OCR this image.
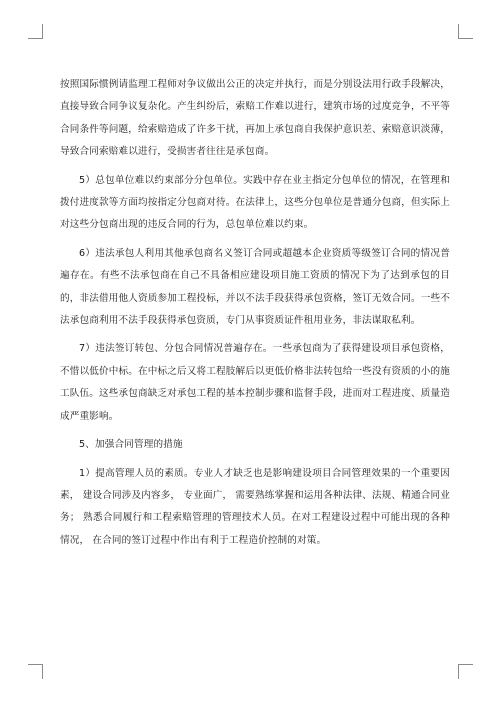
按照国际惯例请监理工程师对争议做出公正的决定并执行，而是分别设法用行政手段解决，直接导致合同争议复杂化。产生纠纷后，索赔工作难以进行，建筑市场的过度竞争，不平等合同条件等问题，给索赔造成了许多干扰，再加上承包商自我保护意识差、索赔意识淡薄，导致合同索赔难以进行，受损害者往往是承包商。

5）总包单位难以约束部分分包单位。实践中存在业主指定分包单位的情况，在管理和拨付进度款等方面均按指定分包商对待。在法律上，这些分包单位是普通分包商，但实际上对这些分包商出现的违反合同的行为，总包单位难以约束。

6）违法承包人利用其他承包商名义签订合同或超越本企业资质等级签订合同的情况普遍存在。有些不法承包商在自己不具备相应建设项目施工资质的情况下为了达到承包的目的，非法借用他人资质参加工程投标，并以不法手段获得承包资格，签订无效合同。一些不法承包商利用不法手段获得承包资质，专门从事资质证件租用业务，非法谋取私利。

7）违法签订转包、分包合同情况普遍存在。一些承包商为了获得建设项目承包资格，不惜以低价中标。在中标之后又将工程肢解后以更低价格非法转包给一些没有资质的小的施工队伍。这些承包商缺乏对承包工程的基本控制步骤和监督手段，进而对工程进度、质量造成严重影响。

5、加强合同管理的措施

1）提高管理人员的素质。专业人才缺乏也是影响建设项目合同管理效果的一个重要因素， 建设合同涉及内容多， 专业面广， 需要熟练掌握和运用各种法律、法规、精通合同业务； 熟悉合同履行和工程索赔管理的管理技术人员。在对工程建设过程中可能出现的各种情况， 在合同的签订过程中作出有利于工程造价控制的对策。
